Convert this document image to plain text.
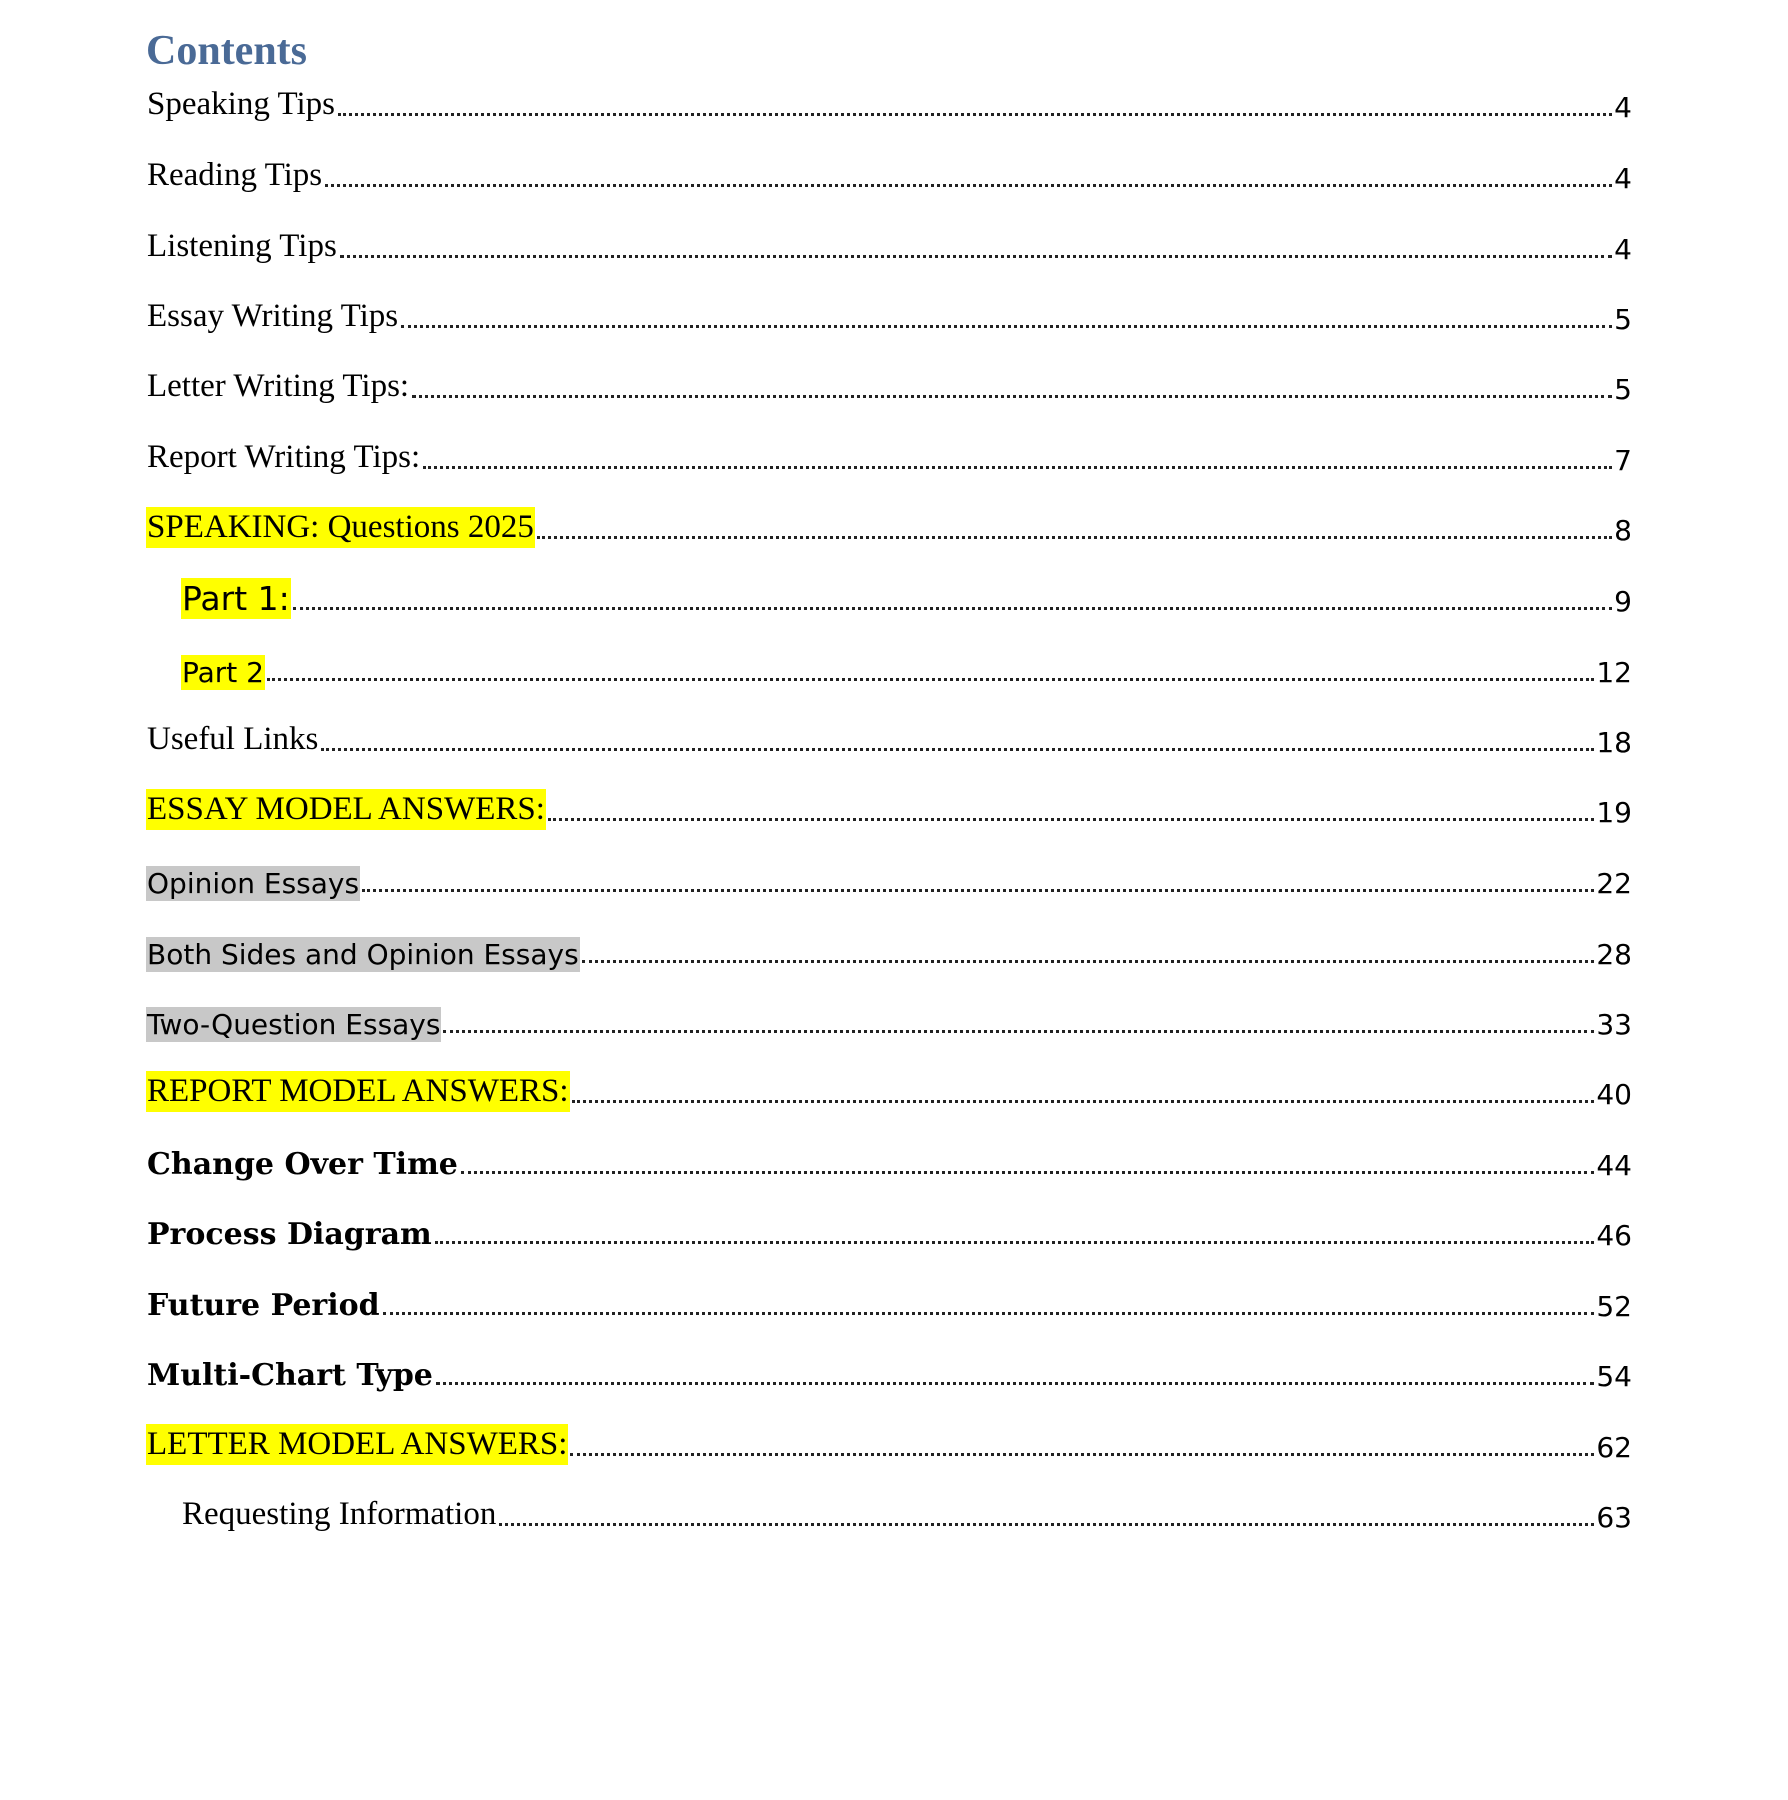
Contents
Speaking Tips	4
Reading Tips	4
Listening Tips	4
Essay Writing Tips	5
Letter Writing Tips:	5
Report Writing Tips:	7
SPEAKING: Questions 2025	8
Part 1:	9
Part 2	12
Useful Links	18
ESSAY MODEL ANSWERS:	19
Opinion Essays	22
Both Sides and Opinion Essays	28
Two-Question Essays	33
REPORT MODEL ANSWERS:	40
Change Over Time	44
Process Diagram	46
Future Period	52
Multi-Chart Type	54
LETTER MODEL ANSWERS:	62
Requesting Information	63
